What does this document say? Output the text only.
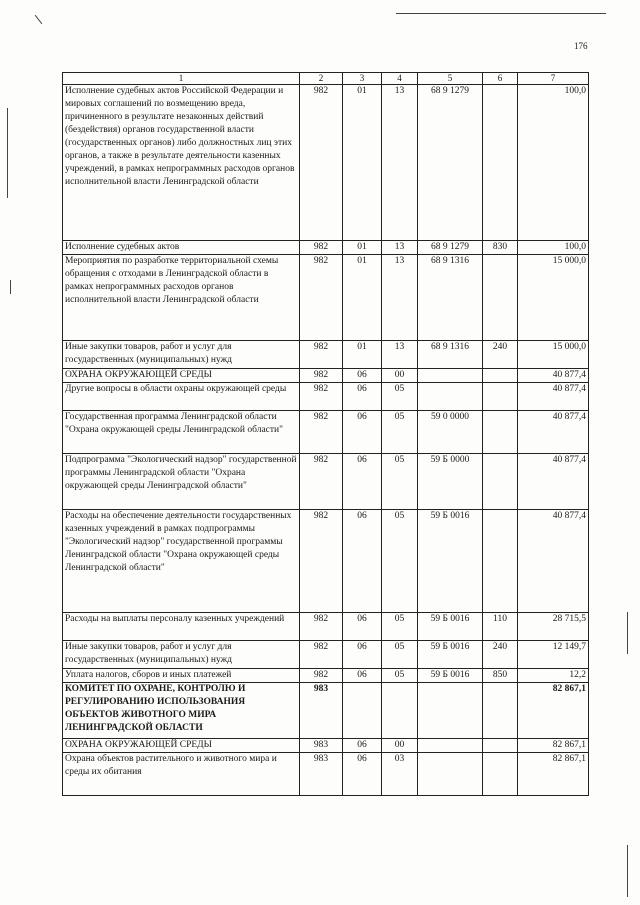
176
1	2	3	4	5	6	7
Исполнение судебных актов Российской Федерации и мировых соглашений по возмещению вреда, причиненного в результате незаконных действий (бездействия) органов государственной власти (государственных органов) либо должностных лиц этих органов, а также в результате деятельности казенных учреждений, в рамках непрограммных расходов органов исполнительной власти Ленинградской области	982	01	13	68 9 1279		100,0
Исполнение судебных актов	982	01	13	68 9 1279	830	100,0
Мероприятия по разработке территориальной схемы обращения с отходами в Ленинградской области в рамках непрограммных расходов органов исполнительной власти Ленинградской области	982	01	13	68 9 1316		15 000,0
Иные закупки товаров, работ и услуг для государственных (муниципальных) нужд	982	01	13	68 9 1316	240	15 000,0
ОХРАНА ОКРУЖАЮЩЕЙ СРЕДЫ	982	06	00			40 877,4
Другие вопросы в области охраны окружающей среды	982	06	05			40 877,4
Государственная программа Ленинградской области "Охрана окружающей среды Ленинградской области"	982	06	05	59 0 0000		40 877,4
Подпрограмма "Экологический надзор" государственной программы Ленинградской области "Охрана окружающей среды Ленинградской области"	982	06	05	59 Б 0000		40 877,4
Расходы на обеспечение деятельности государственных казенных учреждений в рамках подпрограммы "Экологический надзор" государственной программы Ленинградской области "Охрана окружающей среды Ленинградской области"	982	06	05	59 Б 0016		40 877,4
Расходы на выплаты персоналу казенных учреждений	982	06	05	59 Б 0016	110	28 715,5
Иные закупки товаров, работ и услуг для государственных (муниципальных) нужд	982	06	05	59 Б 0016	240	12 149,7
Уплата налогов, сборов и иных платежей	982	06	05	59 Б 0016	850	12,2
КОМИТЕТ ПО ОХРАНЕ, КОНТРОЛЮ И РЕГУЛИРОВАНИЮ ИСПОЛЬЗОВАНИЯ ОБЪЕКТОВ ЖИВОТНОГО МИРА ЛЕНИНГРАДСКОЙ ОБЛАСТИ	983					82 867,1
ОХРАНА ОКРУЖАЮЩЕЙ СРЕДЫ	983	06	00			82 867,1
Охрана объектов растительного и животного мира и среды их обитания	983	06	03			82 867,1
